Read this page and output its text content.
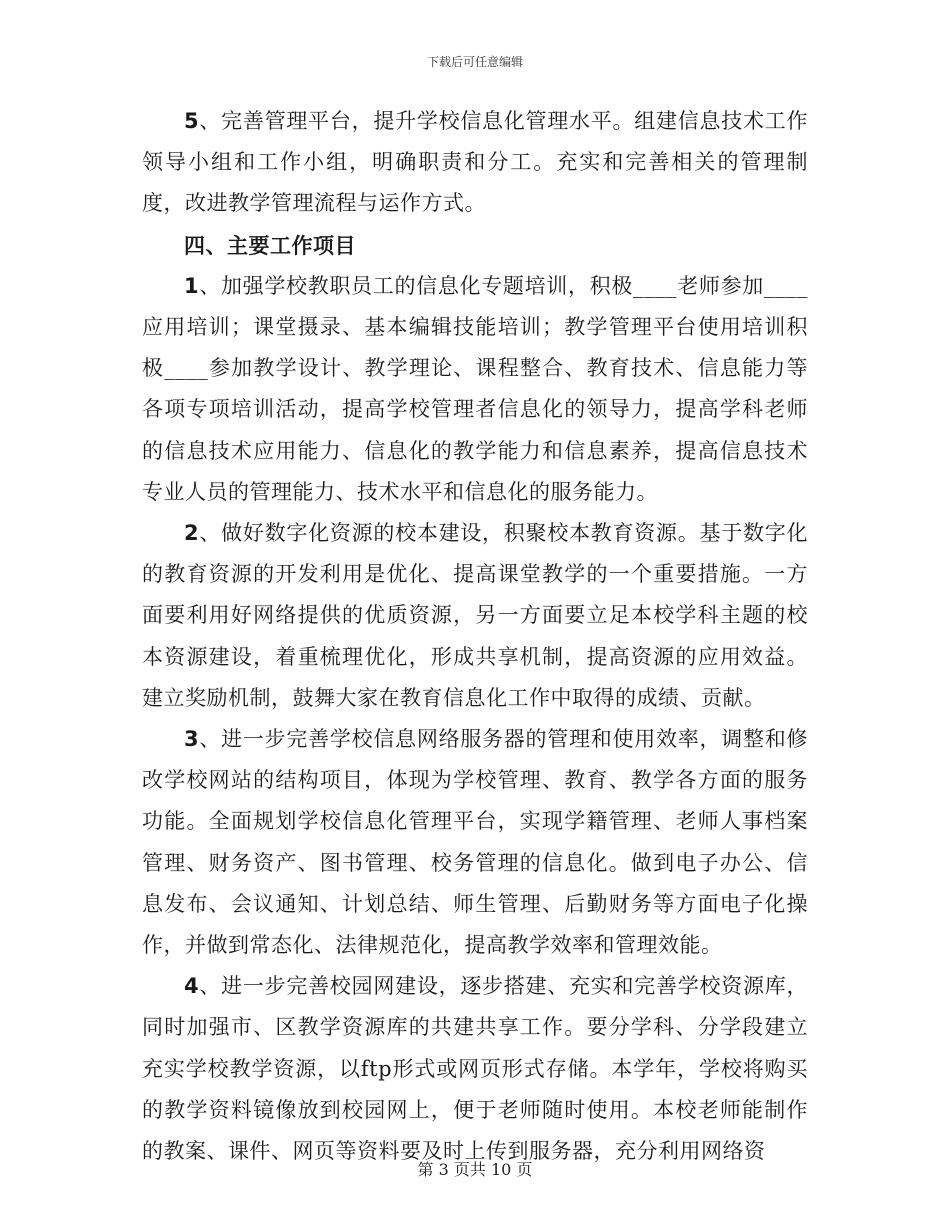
下载后可任意编辑

5、完善管理平台，提升学校信息化管理水平。组建信息技术工作领导小组和工作小组，明确职责和分工。充实和完善相关的管理制度，改进教学管理流程与运作方式。

四、主要工作项目

1、加强学校教职员工的信息化专题培训，积极____老师参加____应用培训；课堂摄录、基本编辑技能培训；教学管理平台使用培训积极____参加教学设计、教学理论、课程整合、教育技术、信息能力等各项专项培训活动，提高学校管理者信息化的领导力，提高学科老师的信息技术应用能力、信息化的教学能力和信息素养，提高信息技术专业人员的管理能力、技术水平和信息化的服务能力。

2、做好数字化资源的校本建设，积聚校本教育资源。基于数字化的教育资源的开发利用是优化、提高课堂教学的一个重要措施。一方面要利用好网络提供的优质资源，另一方面要立足本校学科主题的校本资源建设，着重梳理优化，形成共享机制，提高资源的应用效益。建立奖励机制，鼓舞大家在教育信息化工作中取得的成绩、贡献。

3、进一步完善学校信息网络服务器的管理和使用效率，调整和修改学校网站的结构项目，体现为学校管理、教育、教学各方面的服务功能。全面规划学校信息化管理平台，实现学籍管理、老师人事档案管理、财务资产、图书管理、校务管理的信息化。做到电子办公、信息发布、会议通知、计划总结、师生管理、后勤财务等方面电子化操作，并做到常态化、法律规范化，提高教学效率和管理效能。

4、进一步完善校园网建设，逐步搭建、充实和完善学校资源库，同时加强市、区教学资源库的共建共享工作。要分学科、分学段建立充实学校教学资源，以ftp形式或网页形式存储。本学年，学校将购买的教学资料镜像放到校园网上，便于老师随时使用。本校老师能制作的教案、课件、网页等资料要及时上传到服务器，充分利用网络资

第 3 页共 10 页
